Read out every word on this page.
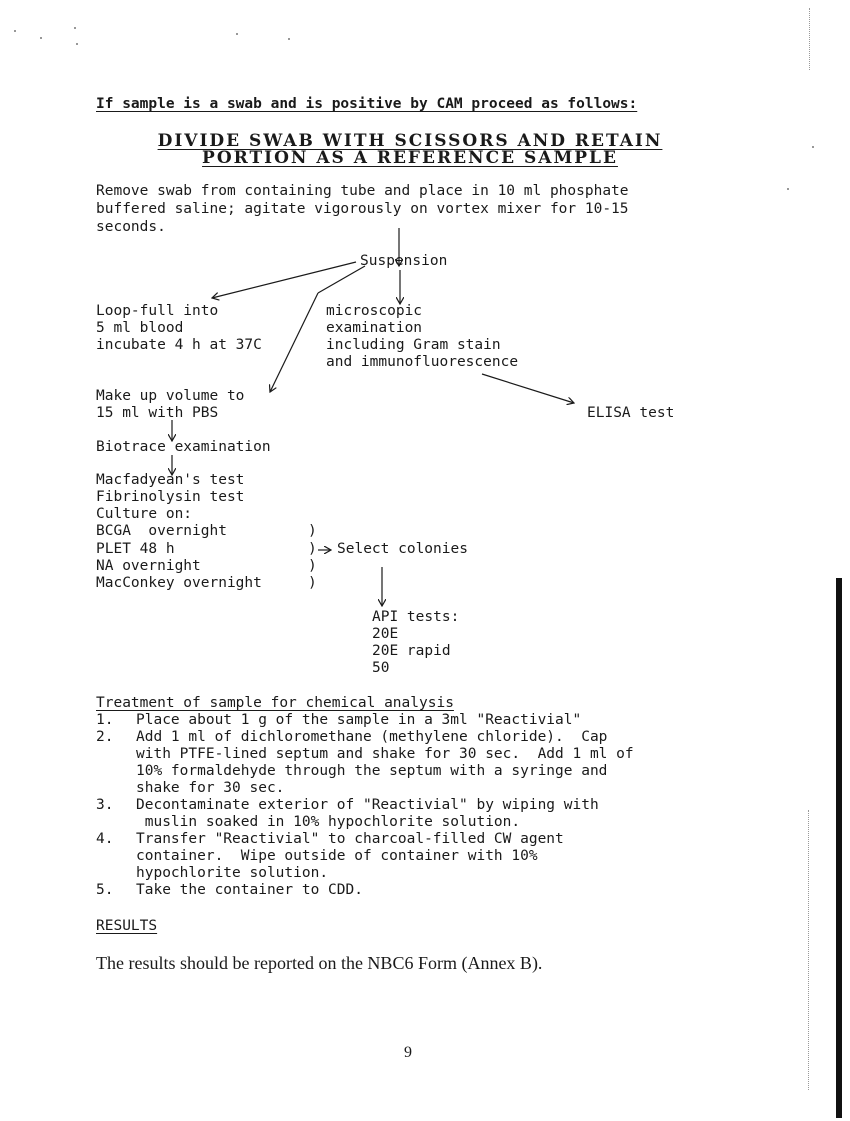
If sample is a swab and is positive by CAM proceed as follows:
DIVIDE SWAB WITH SCISSORS AND RETAIN
PORTION AS A REFERENCE SAMPLE
Remove swab from containing tube and place in 10 ml phosphate
buffered saline; agitate vigorously on vortex mixer for 10-15
seconds.
Suspension
Loop-full into
5 ml blood
incubate 4 h at 37C
microscopic
examination
including Gram stain
and immunofluorescence
Make up volume to
15 ml with PBS	ELISA test
Biotrace examination
Macfadyean's test
Fibrinolysin test
Culture on:
BCGA  overnight
PLET 48 h
NA overnight
MacConkey overnight
)
)
)
)
Select colonies
API tests:
20E
20E rapid
50
Treatment of sample for chemical analysis
1. Place about 1 g of the sample in a 3ml "Reactivial"
2. Add 1 ml of dichloromethane (methylene chloride).  Cap
with PTFE-lined septum and shake for 30 sec.  Add 1 ml of
10% formaldehyde through the septum with a syringe and
shake for 30 sec.
3. Decontaminate exterior of "Reactivial" by wiping with
muslin soaked in 10% hypochlorite solution.
4. Transfer "Reactivial" to charcoal-filled CW agent
container.  Wipe outside of container with 10%
hypochlorite solution.
5. Take the container to CDD.
RESULTS
The results should be reported on the NBC6 Form (Annex B).
9
